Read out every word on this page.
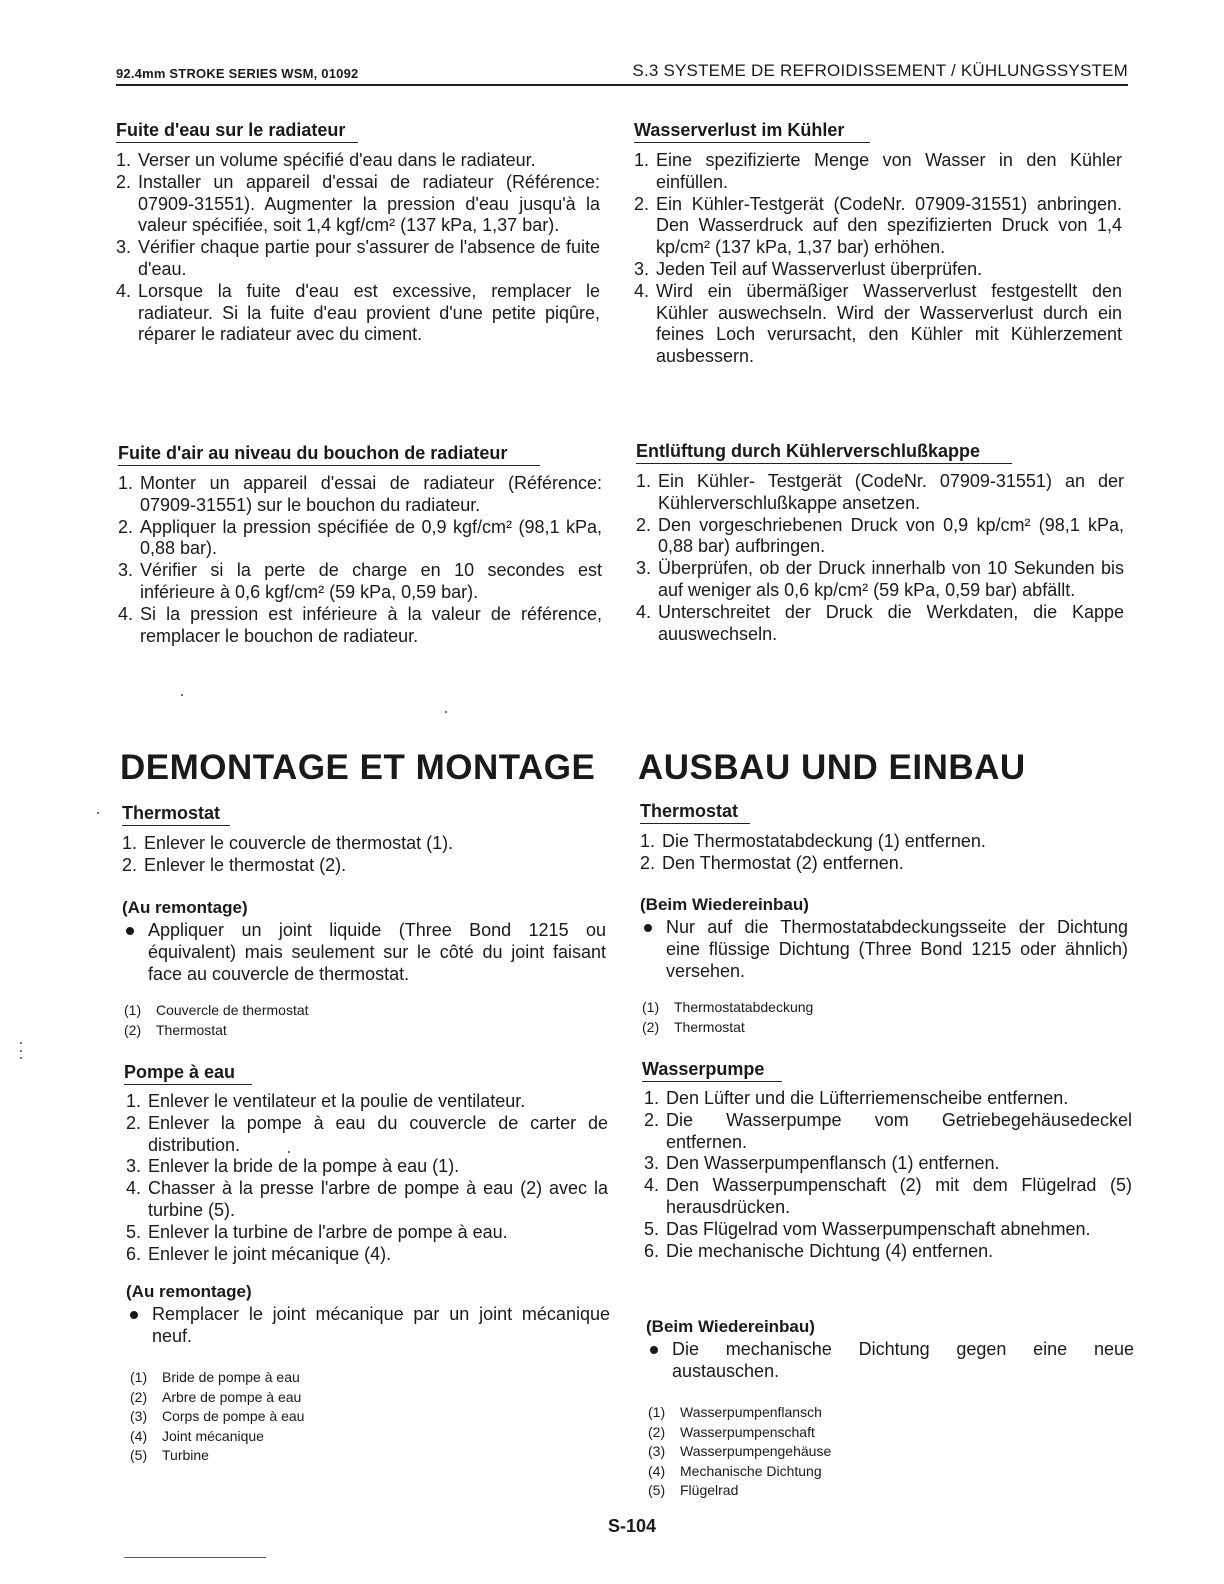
92.4mm STROKE SERIES WSM, 01092	S.3 SYSTEME DE REFROIDISSEMENT / KÜHLUNGSSYSTEM
Fuite d'eau sur le radiateur
1. Verser un volume spécifié d'eau dans le radiateur.
2. Installer un appareil d'essai de radiateur (Référence: 07909-31551). Augmenter la pression d'eau jusqu'à la valeur spécifiée, soit 1,4 kgf/cm² (137 kPa, 1,37 bar).
3. Vérifier chaque partie pour s'assurer de l'absence de fuite d'eau.
4. Lorsque la fuite d'eau est excessive, remplacer le radiateur. Si la fuite d'eau provient d'une petite piqûre, réparer le radiateur avec du ciment.
Fuite d'air au niveau du bouchon de radiateur
1. Monter un appareil d'essai de radiateur (Référence: 07909-31551) sur le bouchon du radiateur.
2. Appliquer la pression spécifiée de 0,9 kgf/cm² (98,1 kPa, 0,88 bar).
3. Vérifier si la perte de charge en 10 secondes est inférieure à 0,6 kgf/cm² (59 kPa, 0,59 bar).
4. Si la pression est inférieure à la valeur de référence, remplacer le bouchon de radiateur.
DEMONTAGE ET MONTAGE
Thermostat
1. Enlever le couvercle de thermostat (1).
2. Enlever le thermostat (2).
(Au remontage)
Appliquer un joint liquide (Three Bond 1215 ou équivalent) mais seulement sur le côté du joint faisant face au couvercle de thermostat.
(1) Couvercle de thermostat
(2) Thermostat
Pompe à eau
1. Enlever le ventilateur et la poulie de ventilateur.
2. Enlever la pompe à eau du couvercle de carter de distribution.
3. Enlever la bride de la pompe à eau (1).
4. Chasser à la presse l'arbre de pompe à eau (2) avec la turbine (5).
5. Enlever la turbine de l'arbre de pompe à eau.
6. Enlever le joint mécanique (4).
(Au remontage)
Remplacer le joint mécanique par un joint mécanique neuf.
(1) Bride de pompe à eau
(2) Arbre de pompe à eau
(3) Corps de pompe à eau
(4) Joint mécanique
(5) Turbine
Wasserverlust im Kühler
1. Eine spezifizierte Menge von Wasser in den Kühler einfüllen.
2. Ein Kühler-Testgerät (CodeNr. 07909-31551) anbringen. Den Wasserdruck auf den spezifizierten Druck von 1,4 kp/cm² (137 kPa, 1,37 bar) erhöhen.
3. Jeden Teil auf Wasserverlust überprüfen.
4. Wird ein übermäßiger Wasserverlust festgestellt den Kühler auswechseln. Wird der Wasserverlust durch ein feines Loch verursacht, den Kühler mit Kühlerzement ausbessern.
Entlüftung durch Kühlerverschlußkappe
1. Ein Kühler- Testgerät (CodeNr. 07909-31551) an der Kühlerverschlußkappe ansetzen.
2. Den vorgeschriebenen Druck von 0,9 kp/cm² (98,1 kPa, 0,88 bar) aufbringen.
3. Überprüfen, ob der Druck innerhalb von 10 Sekunden bis auf weniger als 0,6 kp/cm² (59 kPa, 0,59 bar) abfällt.
4. Unterschreitet der Druck die Werkdaten, die Kappe auuswechseln.
AUSBAU UND EINBAU
Thermostat
1. Die Thermostatabdeckung (1) entfernen.
2. Den Thermostat (2) entfernen.
(Beim Wiedereinbau)
Nur auf die Thermostatabdeckungsseite der Dichtung eine flüssige Dichtung (Three Bond 1215 oder ähnlich) versehen.
(1) Thermostatabdeckung
(2) Thermostat
Wasserpumpe
1. Den Lüfter und die Lüfterriemenscheibe entfernen.
2. Die Wasserpumpe vom Getriebegehäusedeckel entfernen.
3. Den Wasserpumpenflansch (1) entfernen.
4. Den Wasserpumpenschaft (2) mit dem Flügelrad (5) herausdrücken.
5. Das Flügelrad vom Wasserpumpenschaft abnehmen.
6. Die mechanische Dichtung (4) entfernen.
(Beim Wiedereinbau)
Die mechanische Dichtung gegen eine neue austauschen.
(1) Wasserpumpenflansch
(2) Wasserpumpenschaft
(3) Wasserpumpengehäuse
(4) Mechanische Dichtung
(5) Flügelrad
S-104
